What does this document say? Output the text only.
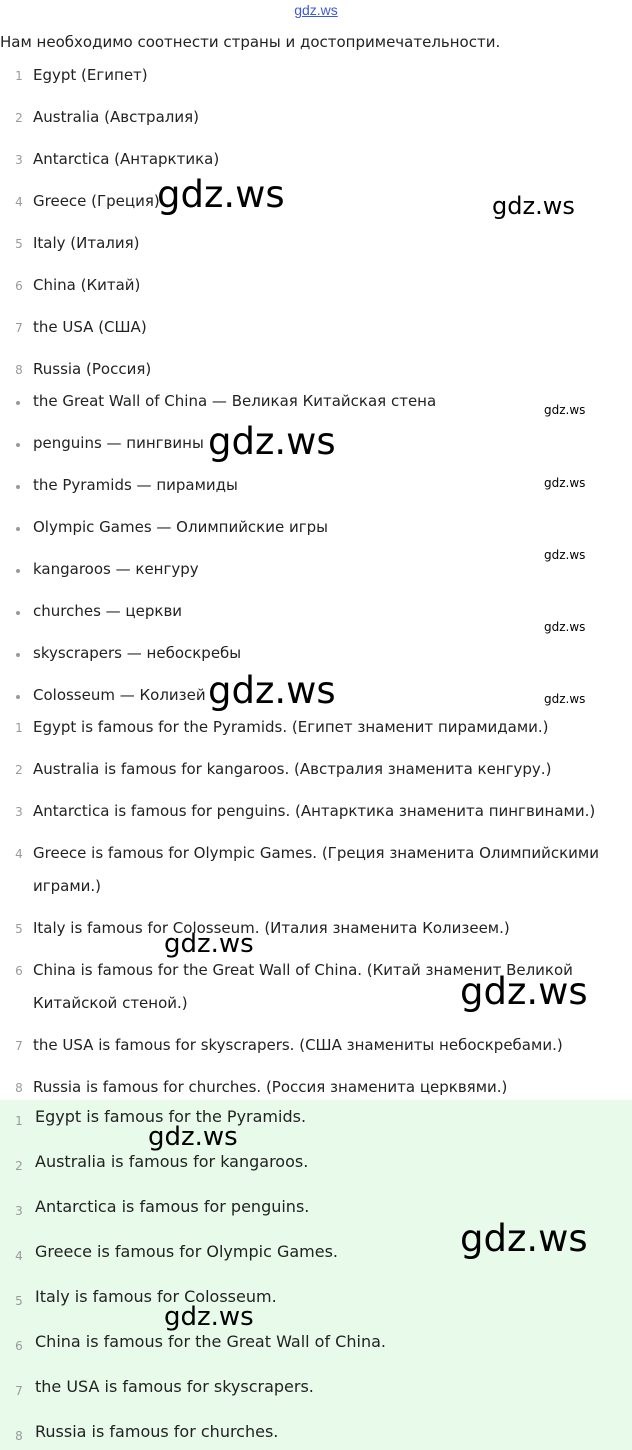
gdz.ws
Нам необходимо соотнести страны и достопримечательности.
1 Egypt (Египет)
2 Australia (Австралия)
3 Antarctica (Антарктика)
4 Greece (Греция)
5 Italy (Италия)
6 China (Китай)
7 the USA (США)
8 Russia (Россия)
the Great Wall of China — Великая Китайская стена
penguins — пингвины
the Pyramids — пирамиды
Olympic Games — Олимпийские игры
kangaroos — кенгуру
churches — церкви
skyscrapers — небоскребы
Colosseum — Колизей
1 Egypt is famous for the Pyramids. (Египет знаменит пирамидами.)
2 Australia is famous for kangaroos. (Австралия знаменита кенгуру.)
3 Antarctica is famous for penguins. (Антарктика знаменита пингвинами.)
4 Greece is famous for Olympic Games. (Греция знаменита Олимпийскими играми.)
5 Italy is famous for Colosseum. (Италия знаменита Колизеем.)
6 China is famous for the Great Wall of China. (Китай знаменит Великой Китайской стеной.)
7 the USA is famous for skyscrapers. (США знамениты небоскребами.)
8 Russia is famous for churches. (Россия знаменита церквями.)
1 Egypt is famous for the Pyramids.
2 Australia is famous for kangaroos.
3 Antarctica is famous for penguins.
4 Greece is famous for Olympic Games.
5 Italy is famous for Colosseum.
6 China is famous for the Great Wall of China.
7 the USA is famous for skyscrapers.
8 Russia is famous for churches.
gdz.ws	gdz.ws
gdz.ws
gdz.ws
gdz.ws
gdz.ws
gdz.ws
gdz.ws
gdz.ws
gdz.ws
gdz.ws
gdz.ws
gdz.ws
gdz.ws
